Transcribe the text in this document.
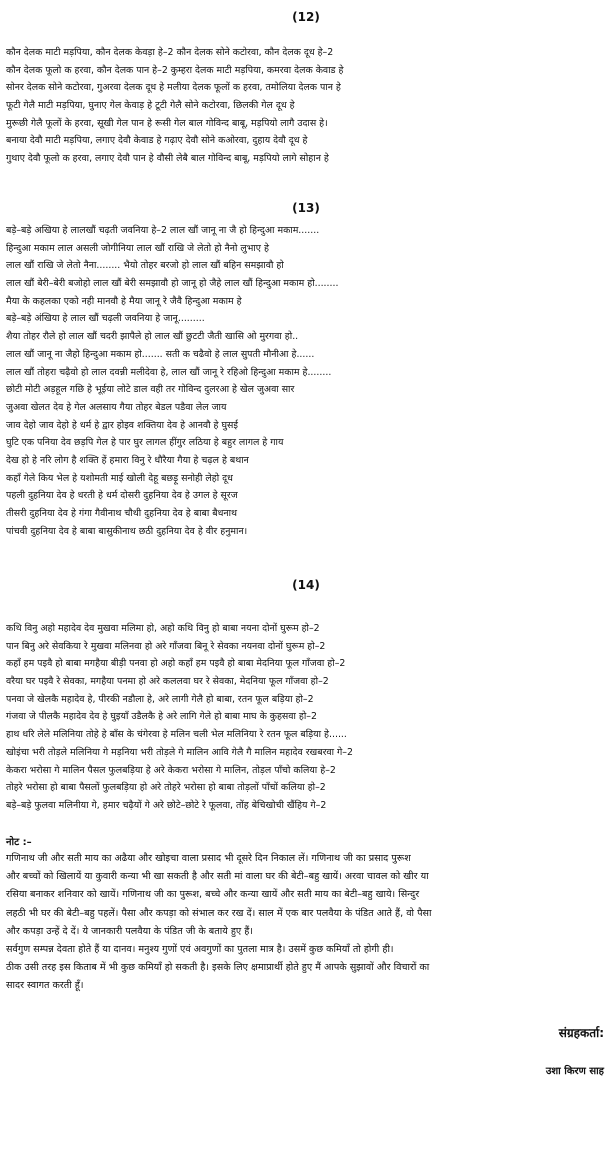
(12)
कौन देलक माटी मड़पिया, कौन देलक केवड़ा हे–2 कौन देलक सोने कटोरवा, कौन देलक दूध हे–2
कौन देलक फूलो क हरवा, कौन देलक पान हे–2 कुम्हरा देलक माटी मड़पिया, कमरवा देलक केवाड हे
सोनर देलक सोने कटोरवा, गुअरवा देलक दूध हे मलीया देलक फूलों क हरवा, तमोलिया देलक पान हे
फूटी गेलै माटी मड़पिया, घुनाए गेल केवाड़ हे टूटी गेलै सोने कटोरवा, छिलकी गेल दूध हे
मुरूछी गेलै फूलों के हरवा, सूखी गेल पान हे रूसी गेल बाल गोविन्द बाबू, मड़पियो लागै उदास हे।
बनाया देवौ माटी मड़पिया, लगाए देवौ केवाड हे गढ़ाए देवौ सोने कओरवा, दुहाय देवौ दूध हे
गुथाए देवौ फूलो क हरवा, लगाए देवौ पान हे वौसी लेबै बाल गोविन्द बाबू, मड़पियो लागे सोहान हे
(13)
बड़े–बड़े अखिया हे लालखौं चढ़ती जवनिया हे–2 लाल खौं जानू ना जै हो हिन्दुआ मकाम.......
हिन्दुआ मकाम लाल असली जोगीनिया लाल खौं राखि जे लेतो हो नैनो लुभाए हे
लाल खौं राखि जे लेतो नैना........ भैयो तोहर बरजो हो लाल खौं बहिन समझावौ हो
लाल खौं बेरी–बेरी बजोहो लाल खौं बेरी समझावौ हो जानू हो जैहे लाल खौं हिन्दुआ मकाम हो........
मैया के कहलका एको नही मानवौ हे मैया जानू रे जैवै हिन्दुआ मकाम हे
बड़े–बड़े अंखिया हे लाल खौं चढ़ली जवनिया हे जानू.........
शैया तोहर रौले हो लाल खौं चदरी झापैले हो लाल खौं छुटटी जैती खासि ओ मुरगवा हो..
लाल खौं जानू ना जैहो हिन्दुआ मकाम हो....... सती क चढैवो हे लाल सुपती मौनीआ हे......
लाल खौं तोहरा चढ़ैवो हो लाल दवन्नी मलीदेवा हे, लाल खौं जानू रे रहिओ हिन्दुआ मकाम हे........
छोटी मोटी अड़हूल गछि हे भूईया लोटे डाल वही तर गोविन्द दुलरआ हे खेल जुअवा सार
जुअवा खेलत देव हे गेल अलसाय गैया तोहर बेडल पडैवा लेल जाय
जाव देहो जाव देहो हे धर्म हे द्वार होइव शक्तिया देव हे आनवौ हे घुसई
घुटि एक पनिया देव छड़पि गेल हे पार घुर लागल हींगुर लठिया हे बहुर लागल हे गाय
देख हो हे नरि लोग है शक्ति हें हमारा विनु रे धौरैया गैया हे चढ़ल हे बथान
कहाँ गेले किय भेल हे यशोमती माई खोली देहू बछड़ू सनोही लेहो दूध
पहली दुहनिया देव हे धरती हे धर्म दोसरी दुहनिया देव हे उगल हे सूरज
तीसरी दुहनिया देव हे गंगा गैवीनाथ चौथी दुहनिया देव हे बाबा बैधनाथ
पांचवी दुहनिया देव हे बाबा बासुकीनाथ छठी दुहनिया देव हे वीर हनुमान।
(14)
कथि विनु अहो महादेव देव मुखवा मलिमा हो, अहो कथि विनु हो बाबा नयना दोनों घुरूम हो–2
पान बिनु अरे सेवकिया रे मुखवा मलिनवा हो अरे गाँजवा बिनू रे सेवका नयनवा दोनों घुरूम हो–2
कहाँ हम पइवै हो बाबा मगहैया बीड़ी पनवा हो अहो कहाँ हम पइवै हो बाबा मेदनिया फूल गाँजवा हो–2
वरैया घर पइवै रे सेवका, मगहैया पनमा हो अरे कललवा घर रे सेवका, मेदनिया फूल गाँजवा हो–2
पनवा जे खेलकै महादेव हे, पीरकी नडौला हे, अरे लागी गेलै हो बाबा, रतन फूल बड़िया हो–2
गंजवा जे पीलकै महादेव देव हे घुइयाँ उडैलकै हे अरे लागि गेले हो बाबा माघ के कुहसवा हो–2
हाथ धरि लेले मलिनिया तोहे हे बाँस के चंगेरवा हे मलिन चली भेल मलिनिया रे रतन फूल बड़िया हे......
खोइंचा भरी तोड़ले मलिनिया गे मड़निया भरी तोड़ले गे मालिन आवि गेलै गै मालिन महादेव रखबरवा गे–2
केकरा भरोसा गे मालिन पैसल फुलबड़िया हे अरे केकरा भरोसा गे मालिन, तोड़ल पाँचो कलिया हे–2
तोहरे भरोसा हो बाबा पैसलों फुलबड़िया हो अरे तोहरे भरोसा हो बाबा तोड़लों पाँचों कलिया हो–2
बड़े–बड़े फुलवा मलिनीया गे, हमार चढ़ैयों गे अरे छोटे–छोटे रे फूलवा, तोंह बेचिखोची खैंहिय गे–2

नोट :–

गणिनाथ जी और सती माय का अढैया और खोइचा वाला प्रसाद भी दूसरे दिन निकाल लें। गणिनाथ जी का प्रसाद पुरूश
और बच्चों को खिलायें या कुवारी कन्या भी खा सकती है और सती मां वाला घर की बेटी–बहु खायें। अरवा चावल को खीर या
रसिया बनाकर शनिवार को खायें। गणिनाथ जी का पुरूश, बच्चे और कन्या खायें और सती माय का बेटी–बहु खाये। सिन्दुर
लहठी भी घर की बेटी–बहु पहलें। पैसा और कपड़ा को संभाल कर रख दें। साल में एक बार पलवैया के पंडित आते हैं, वो पैसा
और कपड़ा उन्हें दे दें। ये जानकारी पलवैया के पंडित जी के बताये हुए हैं।
सर्वगुण सम्पन्न देवता होते हैं या दानव। मनुश्य गुणों एवं अवगुणों का पुतला मात्र है। उसमें कुछ कमियाँ तो होगी ही।
ठीक उसी तरह इस किताब में भी कुछ कमियाँ हो सकती है। इसके लिए क्षमाप्रार्थी होते हुए मैं आपके सुझावों और विचारों का
सादर स्वागत करती हूँ।

संग्रहकर्ता:

उशा किरण साह
